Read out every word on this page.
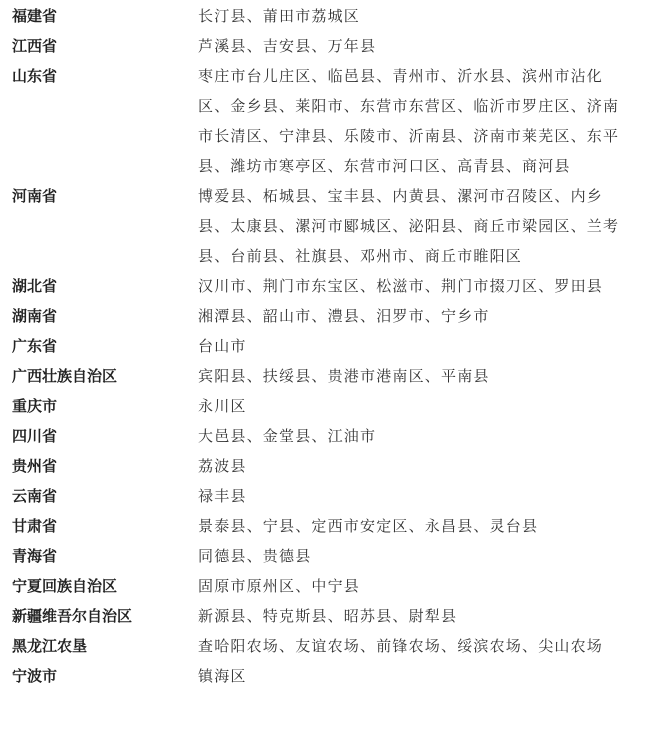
福建省	长汀县、莆田市荔城区
江西省	芦溪县、吉安县、万年县
山东省	枣庄市台儿庄区、临邑县、青州市、沂水县、滨州市沾化区、金乡县、莱阳市、东营市东营区、临沂市罗庄区、济南市长清区、宁津县、乐陵市、沂南县、济南市莱芜区、东平县、潍坊市寒亭区、东营市河口区、高青县、商河县
河南省	博爱县、柘城县、宝丰县、内黄县、漯河市召陵区、内乡县、太康县、漯河市郾城区、泌阳县、商丘市梁园区、兰考县、台前县、社旗县、邓州市、商丘市睢阳区
湖北省	汉川市、荆门市东宝区、松滋市、荆门市掇刀区、罗田县
湖南省	湘潭县、韶山市、澧县、汨罗市、宁乡市
广东省	台山市
广西壮族自治区	宾阳县、扶绥县、贵港市港南区、平南县
重庆市	永川区
四川省	大邑县、金堂县、江油市
贵州省	荔波县
云南省	禄丰县
甘肃省	景泰县、宁县、定西市安定区、永昌县、灵台县
青海省	同德县、贵德县
宁夏回族自治区	固原市原州区、中宁县
新疆维吾尔自治区	新源县、特克斯县、昭苏县、尉犁县
黑龙江农垦	查哈阳农场、友谊农场、前锋农场、绥滨农场、尖山农场
宁波市	镇海区
